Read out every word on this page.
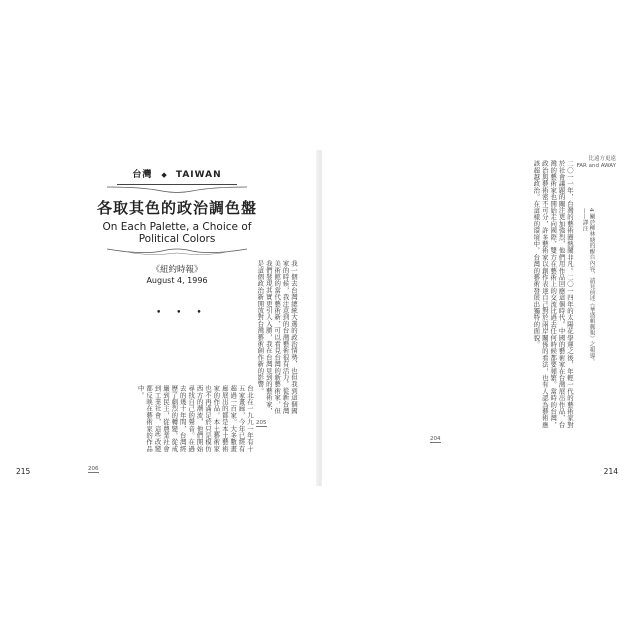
台灣 ◆ TAIWAN
各取其色的政治調色盤
On Each Palette, a Choice of Political Colors
《紐約時報》
August 4, 1996	我一個去台灣總統大選的政治情勢，也但我到這個國家的時候，我注意到的台灣藝術很有活力。從新台灣美術館的當代藝術新，可以看見台灣的新藝術家，但我們發現其實更引人入勝，我在台灣見到的藝術家，是這個政治新開放對台灣藝術創作新的影響。
• • •
台北在一九九一年有十五家畫廊，今年已經有超過一百家。大多數畫廊展出的都是本土藝術家的作品，本土藝術家也不再滿足於只是模仿西方的潮流，他們開始尋找自己的聲音。在過去的幾十年間，台灣經歷了劇烈的轉變，從戒嚴到民主，從農業社會到工業社會，這些改變都反映在藝術家的作品中。
206
205
215
比遠方更遠
FAR and AWAY
二〇一一年，台灣的藝術圈熱鬧非凡。二〇一四年的太陽花學運之後，年輕一代的藝術家對於社會議題的關注更加強烈，他們用作品回應這個時代。中國的藝術家在台灣展出作品，台灣的藝術家也開始走向國際，雙方在藝術上的交流比過去任何時候都要頻繁。當時的台灣，政治與藝術密不可分，許多藝術家以創作表達自己對於兩岸關係的看法，也有人認為藝術應該超越政治。在這樣的環境中，台灣的藝術發展出獨特的面貌。	4 關於柳林塘的醒台內容，請見前述《華盛頓郵報》之報導。——譯注
204
214
